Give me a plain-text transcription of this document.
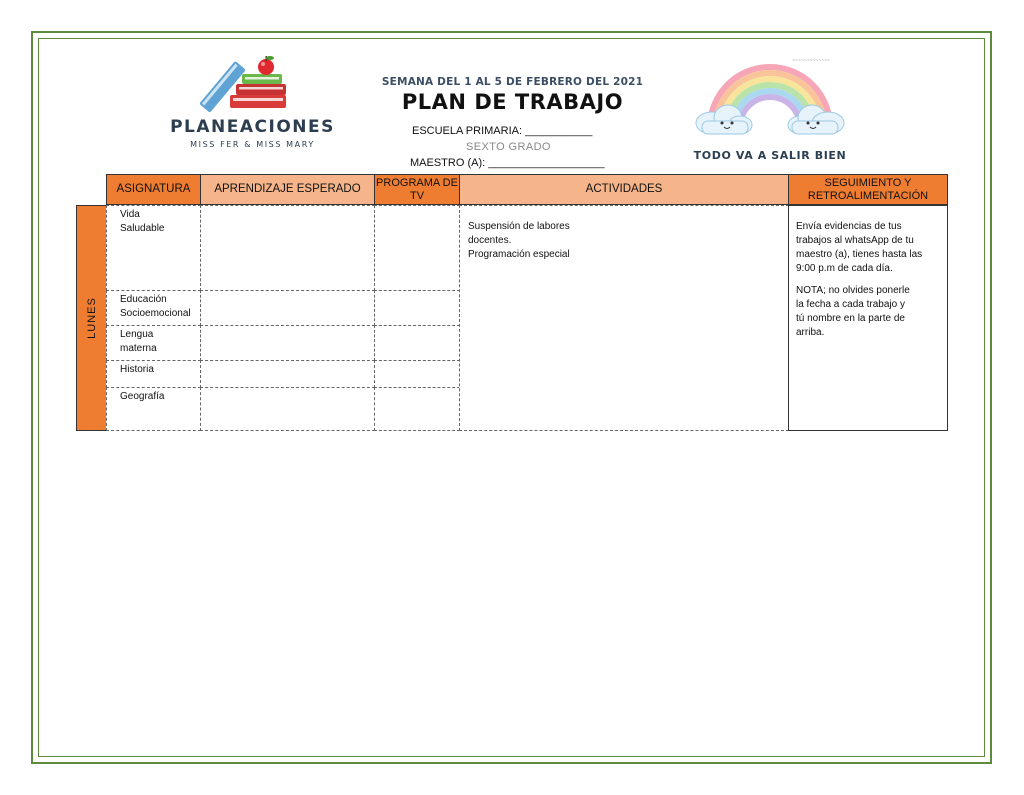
PLANEACIONES
MISS FER & MISS MARY
SEMANA DEL 1 AL 5 DE FEBRERO DEL 2021
PLAN DE TRABAJO
ESCUELA PRIMARIA: ___________
SEXTO GRADO
MAESTRO (A): ___________________
~~~~~~~~~~~~~
TODO VA A SALIR BIEN
ASIGNATURA	APRENDIZAJE ESPERADO
PROGRAMA DE TV
ACTIVIDADES
SEGUIMIENTO Y RETROALIMENTACIÓN
LUNES
Vida
Saludable
Educación
Socioemocional
Lengua
materna
Historia
Geografía
Suspensión de labores
docentes.
Programación especial
Envía evidencias de tus
trabajos al whatsApp de tu
maestro (a), tienes hasta las
9:00 p.m de cada día.
NOTA; no olvides ponerle
la fecha a cada trabajo y
tú nombre en la parte de
arriba.
